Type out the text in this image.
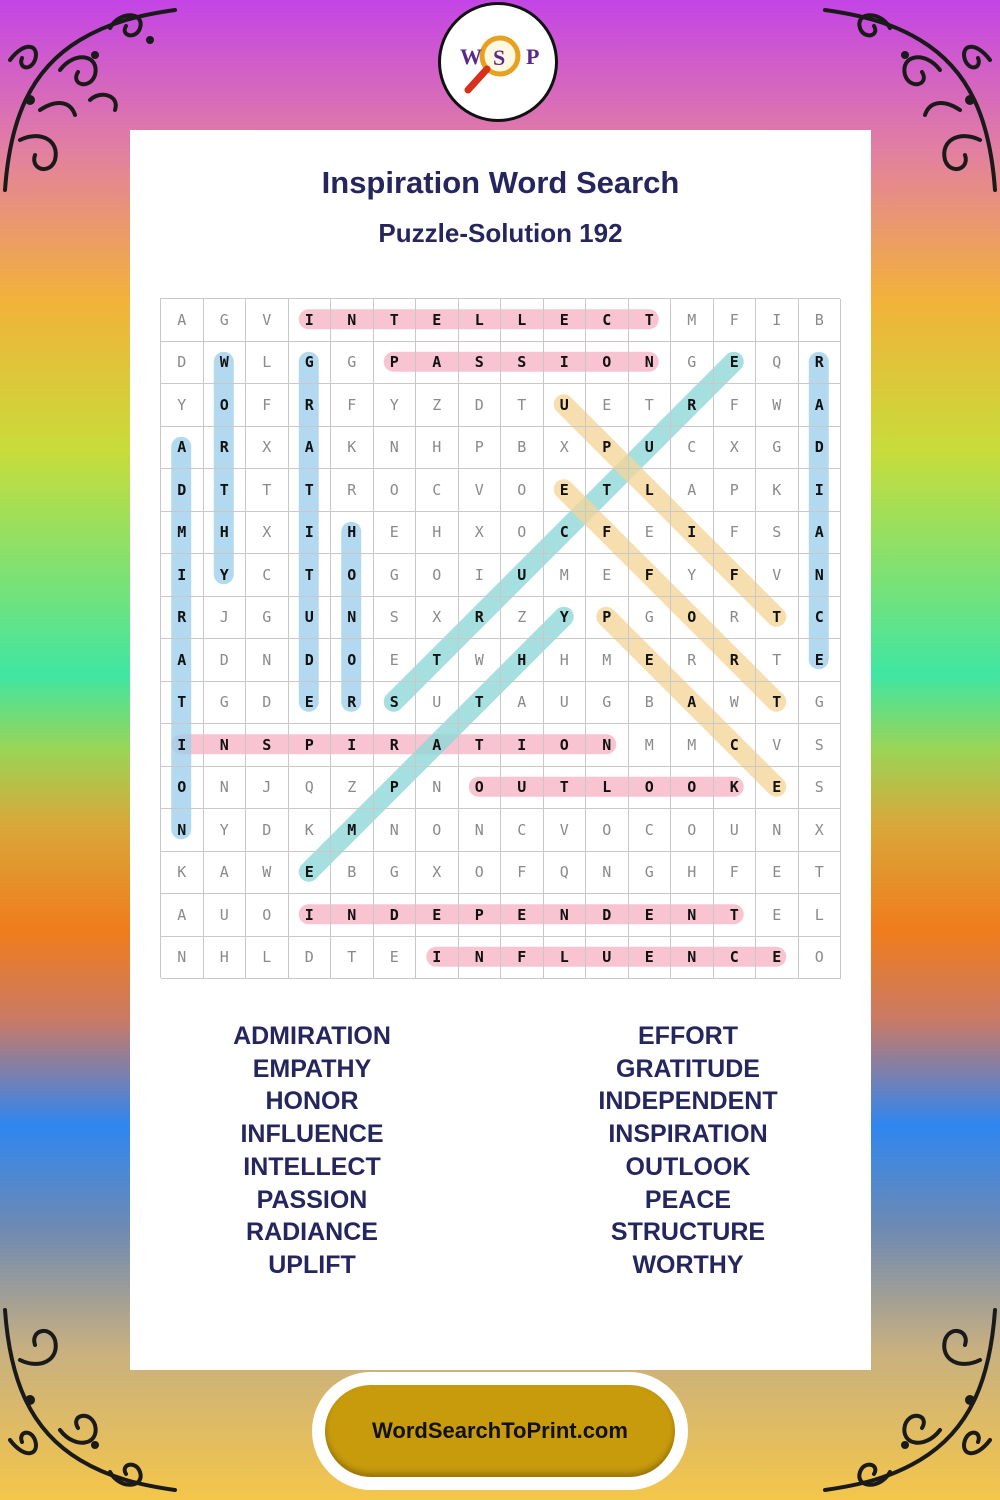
W S P
Inspiration Word Search
Puzzle-Solution 192
A	G	V	I	N	T	E	L	L	E	C	T	M	F	I	B
D	W	L	G	G	P	A	S	S	I	O	N	G	E	Q	R
Y	O	F	R	F	Y	Z	D	T	U	E	T	R	F	W	A
A	R	X	A	K	N	H	P	B	X	P	U	C	X	G	D
D	T	T	T	R	O	C	V	O	E	T	L	A	P	K	I
M	H	X	I	H	E	H	X	O	C	F	E	I	F	S	A
I	Y	C	T	O	G	O	I	U	M	E	F	Y	F	V	N
R	J	G	U	N	S	X	R	Z	Y	P	G	O	R	T	C
A	D	N	D	O	E	T	W	H	H	M	E	R	R	T	E
T	G	D	E	R	S	U	T	A	U	G	B	A	W	T	G
I	N	S	P	I	R	A	T	I	O	N	M	M	C	V	S
O	N	J	Q	Z	P	N	O	U	T	L	O	O	K	E	S
N	Y	D	K	M	N	O	N	C	V	O	C	O	U	N	X
K	A	W	E	B	G	X	O	F	Q	N	G	H	F	E	T
A	U	O	I	N	D	E	P	E	N	D	E	N	T	E	L
N	H	L	D	T	E	I	N	F	L	U	E	N	C	E	O
ADMIRATION
EMPATHY
HONOR
INFLUENCE
INTELLECT
PASSION
RADIANCE
UPLIFT
EFFORT
GRATITUDE
INDEPENDENT
INSPIRATION
OUTLOOK
PEACE
STRUCTURE
WORTHY
WordSearchToPrint.com
